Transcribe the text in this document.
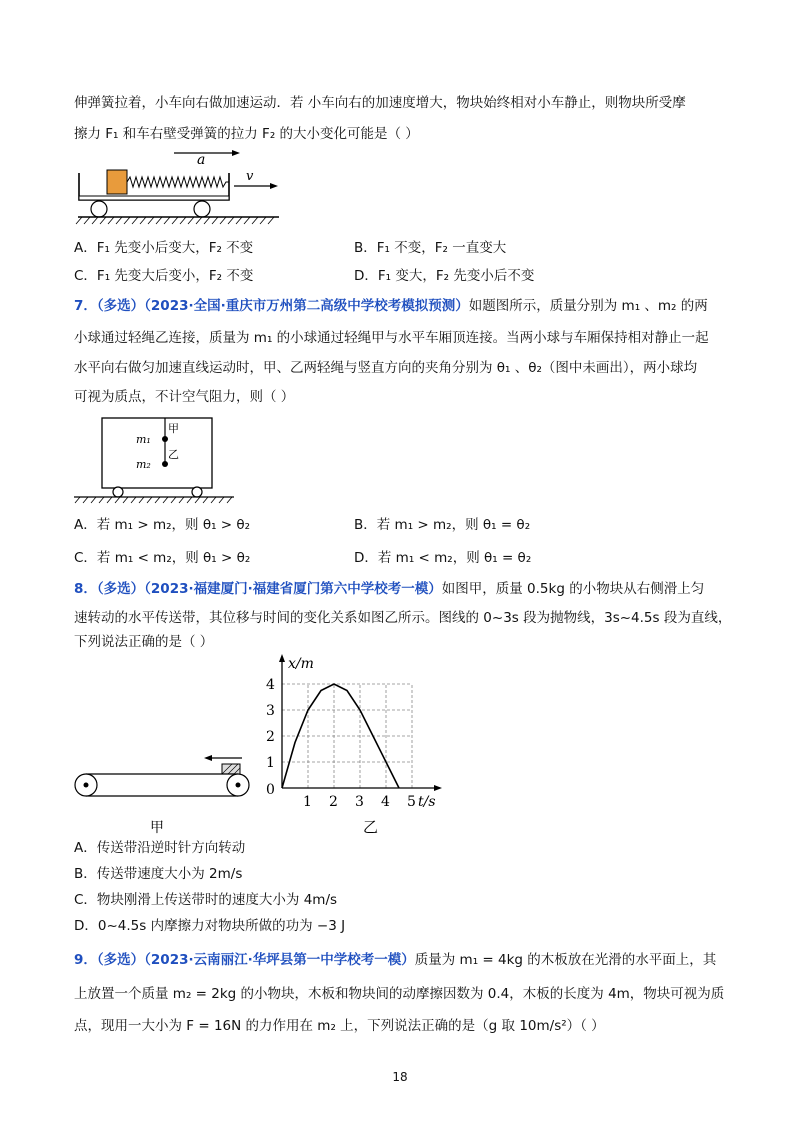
伸弹簧拉着，小车向右做加速运动．若 小车向右的加速度增大，物块始终相对小车静止，则物块所受摩
擦力 F₁ 和车右壁受弹簧的拉力 F₂ 的大小变化可能是（ ）
a
v
A．F₁ 先变小后变大，F₂ 不变	B．F₁ 不变，F₂ 一直变大
C．F₁ 先变大后变小，F₂ 不变	D．F₁ 变大，F₂ 先变小后不变
7．（多选）（2023·全国·重庆市万州第二高级中学校考模拟预测）如题图所示，质量分别为 m₁ 、m₂ 的两
小球通过轻绳乙连接，质量为 m₁ 的小球通过轻绳甲与水平车厢顶连接。当两小球与车厢保持相对静止一起
水平向右做匀加速直线运动时，甲、乙两轻绳与竖直方向的夹角分别为 θ₁ 、θ₂（图中未画出），两小球均
可视为质点，不计空气阻力，则（ ）
m₁
m₂
甲
乙
A．若 m₁ > m₂，则 θ₁ > θ₂	B．若 m₁ > m₂，则 θ₁ = θ₂
C．若 m₁ < m₂，则 θ₁ > θ₂	D．若 m₁ < m₂，则 θ₁ = θ₂
8．（多选）（2023·福建厦门·福建省厦门第六中学校考一模）如图甲，质量 0.5kg 的小物块从右侧滑上匀
速转动的水平传送带，其位移与时间的变化关系如图乙所示。图线的 0~3s 段为抛物线，3s~4.5s 段为直线，
下列说法正确的是（ ）
甲
1 2 3 4 5
1
2
3
4
t/s
x/m
0
乙
A．传送带沿逆时针方向转动
B．传送带速度大小为 2m/s
C．物块刚滑上传送带时的速度大小为 4m/s
D．0~4.5s 内摩擦力对物块所做的功为 −3 J
9．（多选）（2023·云南丽江·华坪县第一中学校考一模）质量为 m₁ = 4kg 的木板放在光滑的水平面上，其
上放置一个质量 m₂ = 2kg 的小物块，木板和物块间的动摩擦因数为 0.4，木板的长度为 4m，物块可视为质
点，现用一大小为 F = 16N 的力作用在 m₂ 上，下列说法正确的是（g 取 10m/s²）（ ）
18
